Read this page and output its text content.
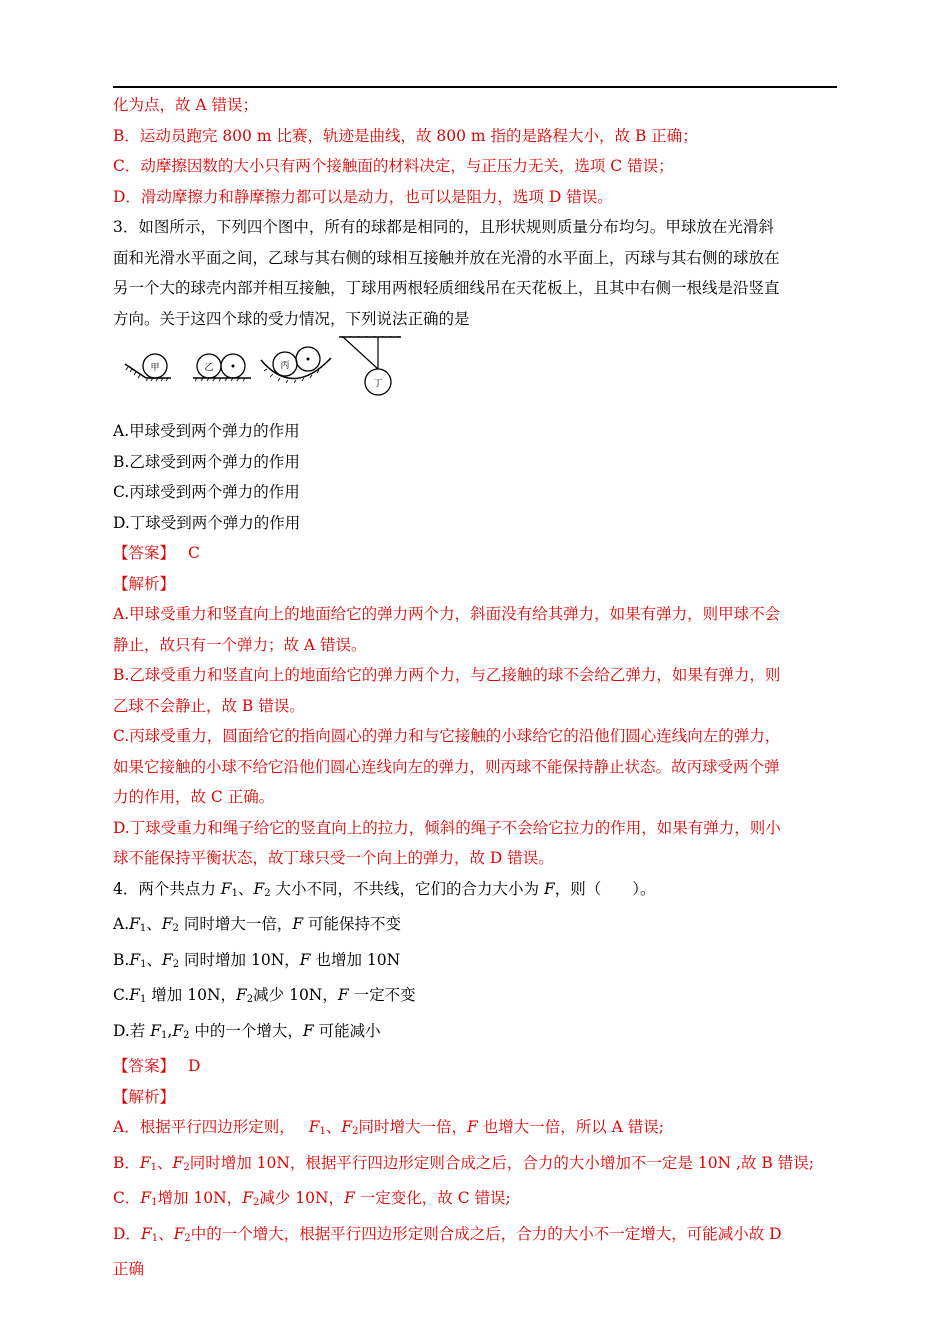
化为点，故 A 错误；
B．运动员跑完 800 m 比赛，轨迹是曲线，故 800 m 指的是路程大小，故 B 正确；
C．动摩擦因数的大小只有两个接触面的材料决定，与正压力无关，选项 C 错误；
D．滑动摩擦力和静摩擦力都可以是动力，也可以是阻力，选项 D 错误。
3．如图所示，下列四个图中，所有的球都是相同的，且形状规则质量分布均匀。甲球放在光滑斜
面和光滑水平面之间，乙球与其右侧的球相互接触并放在光滑的水平面上，丙球与其右侧的球放在
另一个大的球壳内部并相互接触，丁球用两根轻质细线吊在天花板上，且其中右侧一根线是沿竖直
方向。关于这四个球的受力情况，下列说法正确的是
甲	乙	丙
丁
A.甲球受到两个弹力的作用
B.乙球受到两个弹力的作用
C.丙球受到两个弹力的作用
D.丁球受到两个弹力的作用
【答案】 C
【解析】
A.甲球受重力和竖直向上的地面给它的弹力两个力，斜面没有给其弹力，如果有弹力，则甲球不会
静止，故只有一个弹力；故 A 错误。
B.乙球受重力和竖直向上的地面给它的弹力两个力，与乙接触的球不会给乙弹力，如果有弹力，则
乙球不会静止，故 B 错误。
C.丙球受重力，圆面给它的指向圆心的弹力和与它接触的小球给它的沿他们圆心连线向左的弹力，
如果它接触的小球不给它沿他们圆心连线向左的弹力，则丙球不能保持静止状态。故丙球受两个弹
力的作用，故 C 正确。
D.丁球受重力和绳子给它的竖直向上的拉力，倾斜的绳子不会给它拉力的作用，如果有弹力，则小
球不能保持平衡状态，故丁球只受一个向上的弹力，故 D 错误。
4．两个共点力 $F_1$、$F_2$ 大小不同，不共线，它们的合力大小为 F，则（　　）。
$A.F_1$、$F_2$ 同时增大一倍，F 可能保持不变
$B.F_1$、$F_2$ 同时增加 10N，F 也增加 10N
$C.F_1$ 增加 10N，$F_2$减少 10N，F 一定不变
D.若 $F_1,F_2$ 中的一个增大，F 可能减小
【答案】 D
【解析】
A．根据平行四边形定则， $F_1$、$F_2$同时增大一倍，F 也增大一倍，所以 A 错误;
B．$F_1$、$F_2$同时增加 10N，根据平行四边形定则合成之后，合力的大小增加不一定是 10N ,故 B 错误;
C．$F_1$增加 10N，$F_2$减少 10N，F 一定变化，故 C 错误;
D．$F_1$、$F_2$中的一个增大，根据平行四边形定则合成之后，合力的大小不一定增大，可能减小故 D
正确
